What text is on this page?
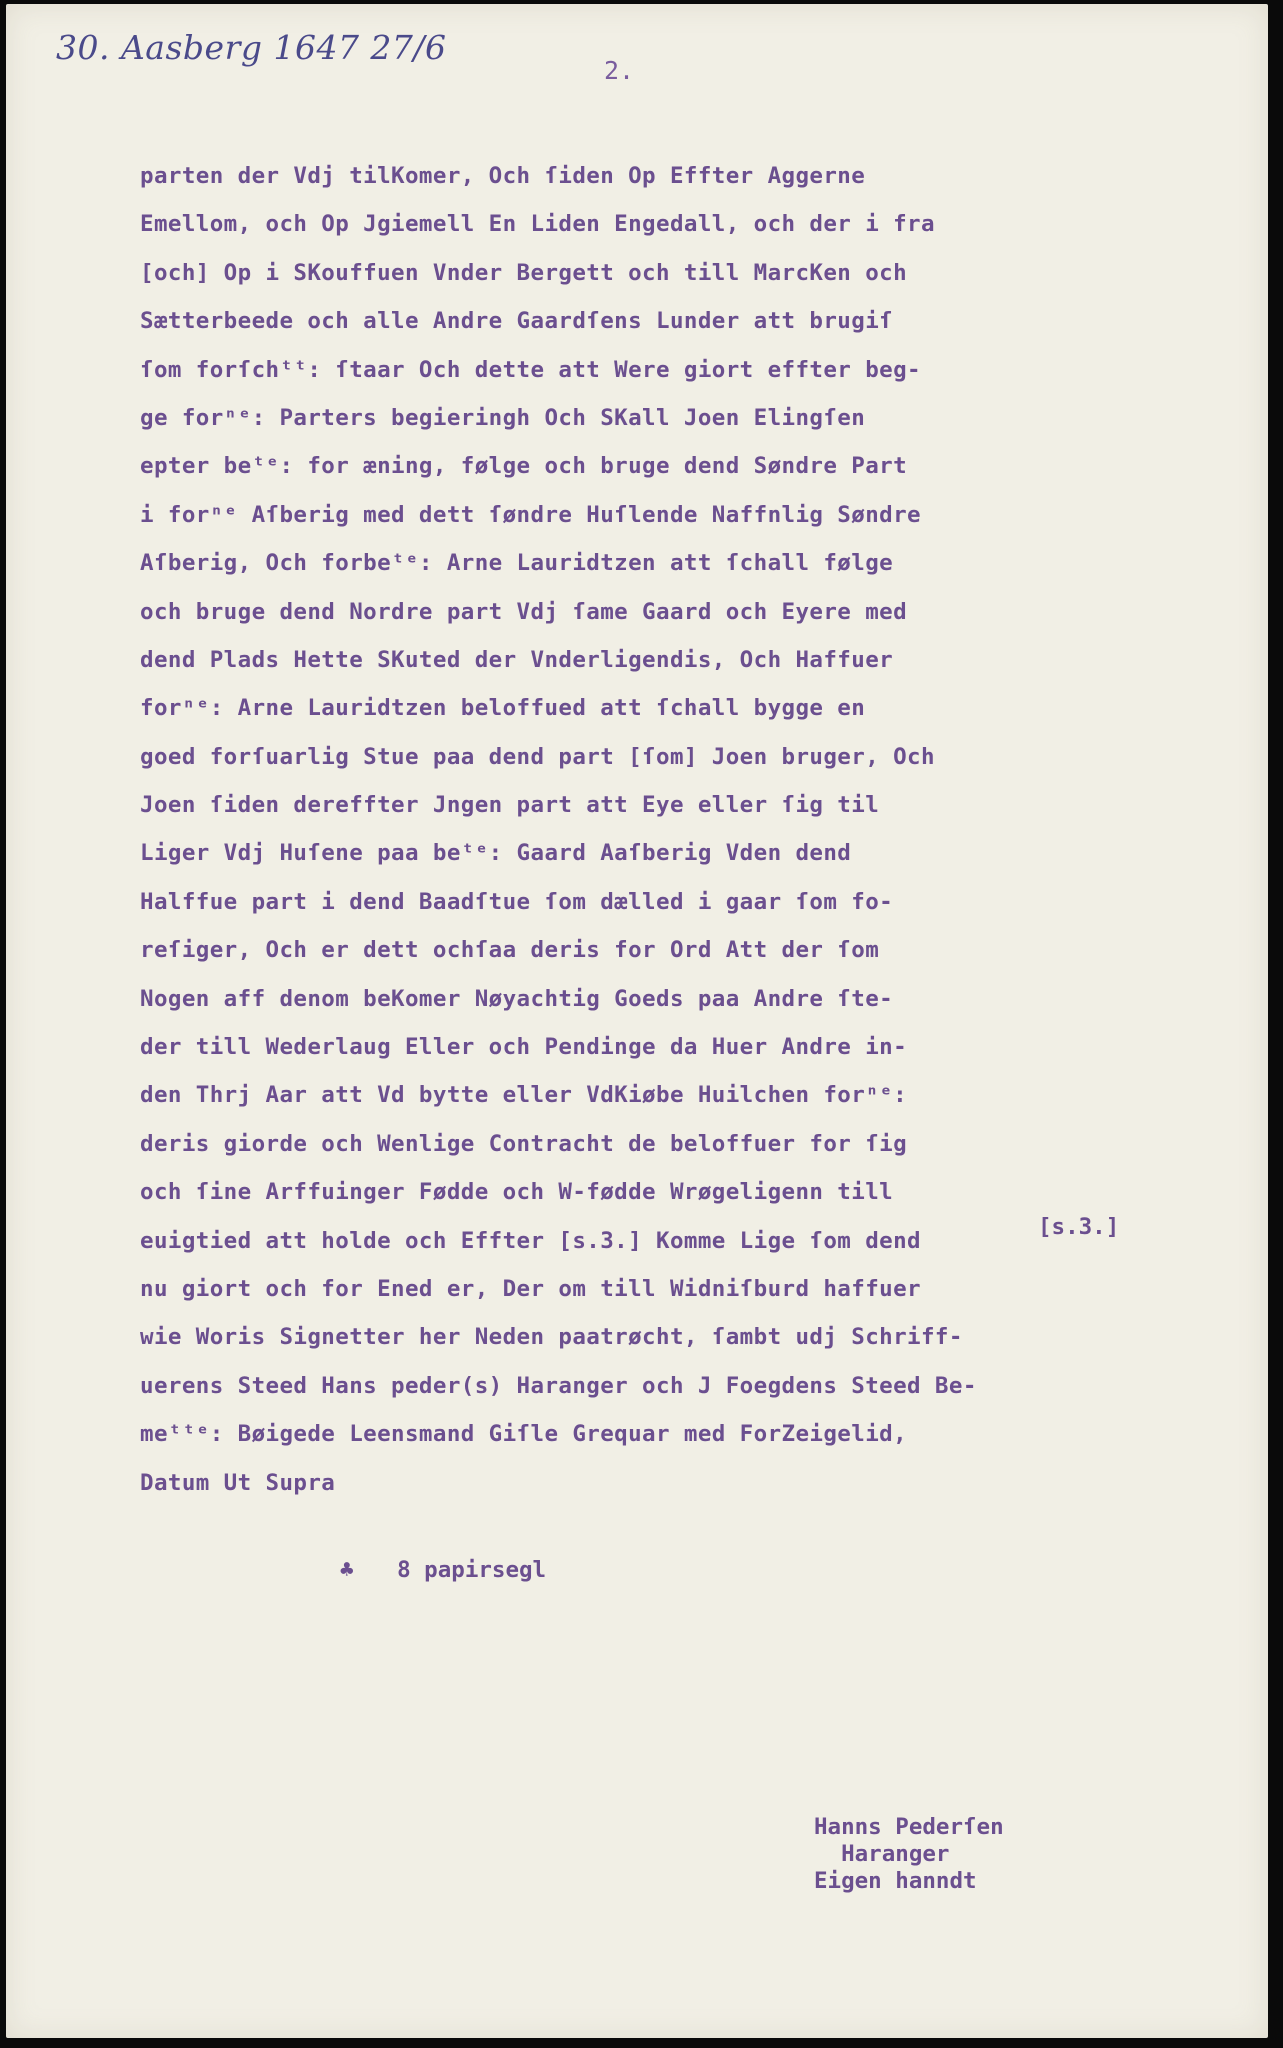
30. Aasberg 1647 27/6
2.
parten der Vdj tilKomer, Och ſiden Op Effter Aggerne
Emellom, och Op Jgiemell En Liden Engedall, och der i fra
[och] Op i SKouffuen Vnder Bergett och till MarcKen och
Sætterbeede och alle Andre Gaardſens Lunder att brugiſ
ſom forſchᵗᵗ: ſtaar Och dette att Were giort effter beg-
ge forⁿᵉ: Parters begieringh Och SKall Joen Elingſen
epter beᵗᵉ: for æning, følge och bruge dend Søndre Part
i forⁿᵉ Aſberig med dett ſøndre Huſlende Naffnlig Søndre
Aſberig, Och forbeᵗᵉ: Arne Lauridtzen att ſchall følge
och bruge dend Nordre part Vdj ſame Gaard och Eyere med
dend Plads Hette SKuted der Vnderligendis, Och Haffuer
forⁿᵉ: Arne Lauridtzen beloffued att ſchall bygge en
goed forſuarlig Stue paa dend part [ſom] Joen bruger, Och
Joen ſiden dereffter Jngen part att Eye eller ſig til
Liger Vdj Huſene paa beᵗᵉ: Gaard Aaſberig Vden dend
Halffue part i dend Baadſtue ſom dælled i gaar ſom fo-
reſiger, Och er dett ochſaa deris for Ord Att der ſom
Nogen aff denom beKomer Nøyachtig Goeds paa Andre ſte-
der till Wederlaug Eller och Pendinge da Huer Andre in-
den Thrj Aar att Vd bytte eller VdKiøbe Huilchen forⁿᵉ:
deris giorde och Wenlige Contracht de beloffuer for ſig
och ſine Arffuinger Fødde och W-fødde Wrøgeligenn till
euigtied att holde och Effter [s.3.] Komme Lige ſom dend
nu giort och for Ened er, Der om till Widniſburd haffuer
wie Woris Signetter her Neden paatrøcht, ſambt udj Schriff-
uerens Steed Hans peder(s) Haranger och J Foegdens Steed Be-
meᵗᵗᵉ: Bøigede Leensmand Giſle Grequar med ForZeigelid,
Datum Ut Supra
[s.3.]
♣ 8 papirsegl
Hanns Pederſen
Haranger
Eigen hanndt
